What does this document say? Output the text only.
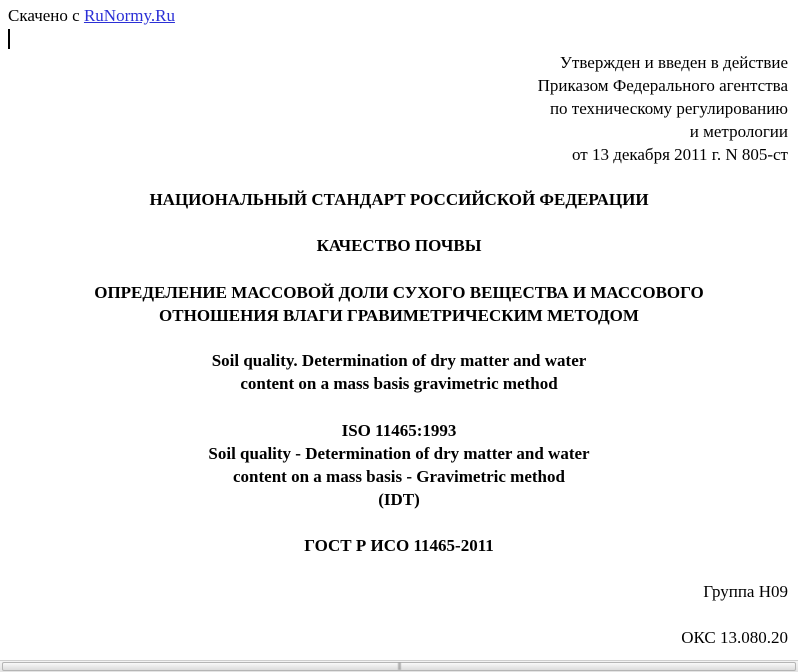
Скачено с RuNormy.Ru
Утвержден и введен в действие
Приказом Федерального агентства
по техническому регулированию
и метрологии
от 13 декабря 2011 г. N 805-ст
НАЦИОНАЛЬНЫЙ СТАНДАРТ РОССИЙСКОЙ ФЕДЕРАЦИИ
КАЧЕСТВО ПОЧВЫ
ОПРЕДЕЛЕНИЕ МАССОВОЙ ДОЛИ СУХОГО ВЕЩЕСТВА И МАССОВОГО
ОТНОШЕНИЯ ВЛАГИ ГРАВИМЕТРИЧЕСКИМ МЕТОДОМ
Soil quality. Determination of dry matter and water
content on a mass basis gravimetric method
ISO 11465:1993
Soil quality - Determination of dry matter and water
content on a mass basis - Gravimetric method
(IDT)
ГОСТ Р ИСО 11465-2011
Группа Н09
ОКС 13.080.20
|||
